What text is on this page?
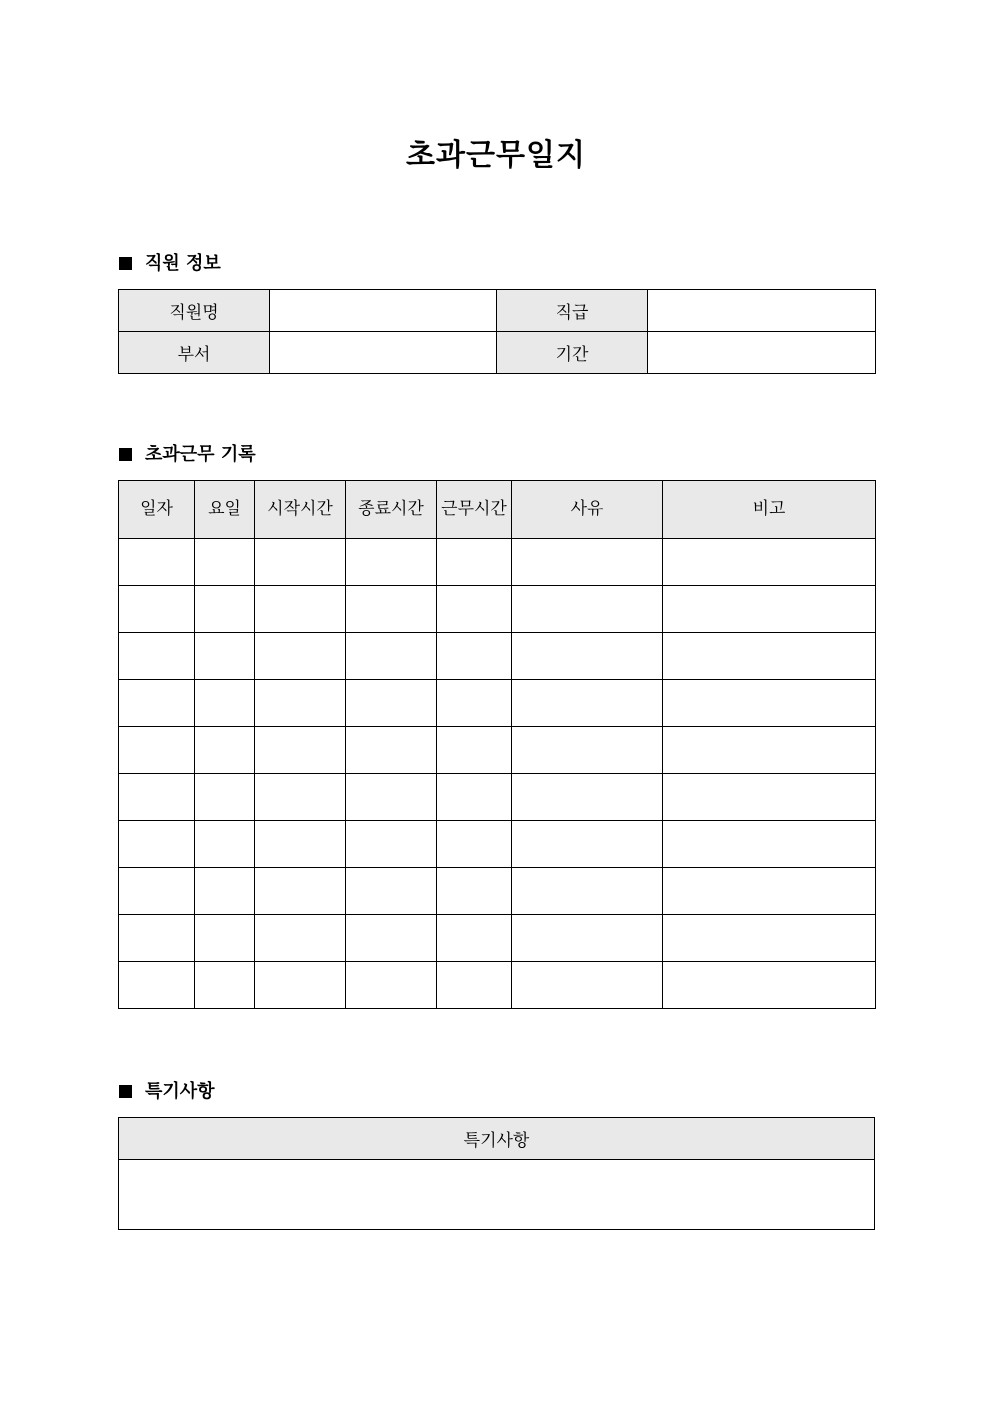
초과근무일지
직원 정보
직원명		직급	
부서		기간	
초과근무 기록
일자	요일	시작시간	종료시간	근무시간	사유	비고

특기사항
특기사항
